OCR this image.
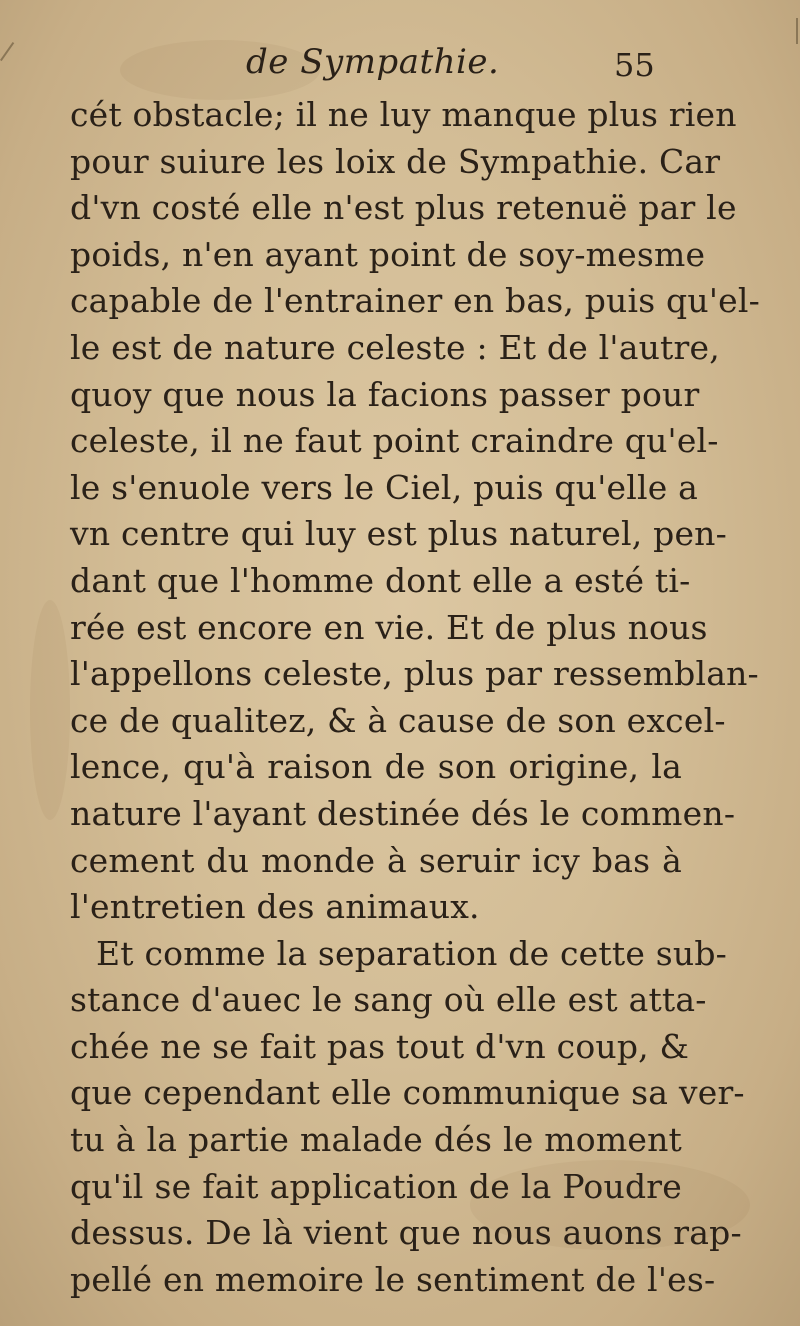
de Sympathie.	55
cét obstacle; il ne luy manque plus rien
pour suiure les loix de Sympathie. Car
d'vn costé elle n'est plus retenuë par le
poids, n'en ayant point de soy-mesme
capable de l'entrainer en bas, puis qu'el-
le est de nature celeste : Et de l'autre,
quoy que nous la facions passer pour
celeste, il ne faut point craindre qu'el-
le s'enuole vers le Ciel, puis qu'elle a
vn centre qui luy est plus naturel, pen-
dant que l'homme dont elle a esté ti-
rée est encore en vie. Et de plus nous
l'appellons celeste, plus par ressemblan-
ce de qualitez, & à cause de son excel-
lence, qu'à raison de son origine, la
nature l'ayant destinée dés le commen-
cement du monde à seruir icy bas à
l'entretien des animaux.
Et comme la separation de cette sub-
stance d'auec le sang où elle est atta-
chée ne se fait pas tout d'vn coup, &
que cependant elle communique sa ver-
tu à la partie malade dés le moment
qu'il se fait application de la Poudre
dessus. De là vient que nous auons rap-
pellé en memoire le sentiment de l'es-
